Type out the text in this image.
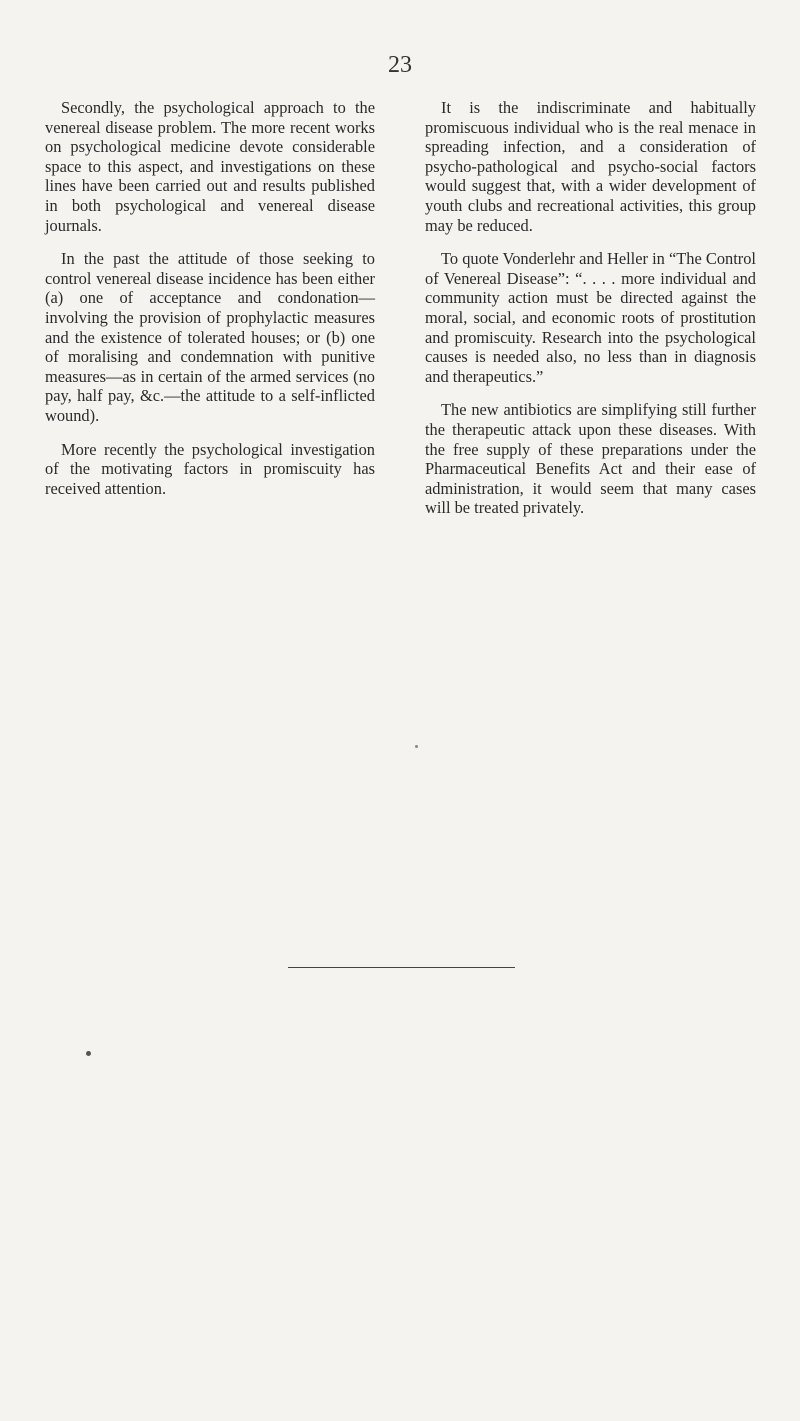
23

Secondly, the psychological approach to the venereal disease problem. The more recent works on psychological medicine devote considerable space to this aspect, and investigations on these lines have been carried out and results published in both psychological and venereal disease journals.

In the past the attitude of those seeking to control venereal disease incidence has been either (a) one of acceptance and condonation—involving the provision of prophylactic measures and the existence of tolerated houses; or (b) one of moralising and condemnation with punitive measures—as in certain of the armed services (no pay, half pay, &c.—the attitude to a self-inflicted wound).

More recently the psychological investigation of the motivating factors in promiscuity has received attention.

It is the indiscriminate and habitually promiscuous individual who is the real menace in spreading infection, and a consideration of psycho-pathological and psycho-social factors would suggest that, with a wider development of youth clubs and recreational activities, this group may be reduced.

To quote Vonderlehr and Heller in “The Control of Venereal Disease”: “. . . . more individual and community action must be directed against the moral, social, and economic roots of prostitution and promiscuity. Research into the psychological causes is needed also, no less than in diagnosis and therapeutics.”

The new antibiotics are simplifying still further the therapeutic attack upon these diseases. With the free supply of these preparations under the Pharmaceutical Benefits Act and their ease of administration, it would seem that many cases will be treated privately.
